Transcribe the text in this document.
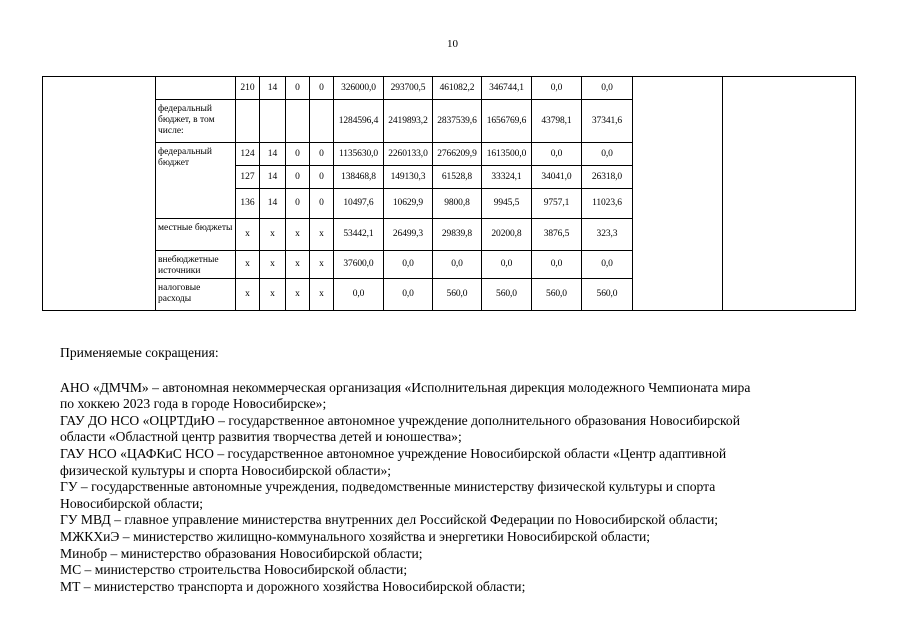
10
		210	14	0	0	326000,0	293700,5	461082,2	346744,1	0,0	0,0		
	федеральный бюджет, в том числе:					1284596,4	2419893,2	2837539,6	1656769,6	43798,1	37341,6		
	федеральный бюджет	124	14	0	0	1135630,0	2260133,0	2766209,9	1613500,0	0,0	0,0		
		127	14	0	0	138468,8	149130,3	61528,8	33324,1	34041,0	26318,0		
		136	14	0	0	10497,6	10629,9	9800,8	9945,5	9757,1	11023,6		
	местные бюджеты	х	х	х	х	53442,1	26499,3	29839,8	20200,8	3876,5	323,3		
	внебюджетные источники	х	х	х	х	37600,0	0,0	0,0	0,0	0,0	0,0		
	налоговые расходы	х	х	х	х	0,0	0,0	560,0	560,0	560,0	560,0		

Применяемые сокращения:

АНО «ДМЧМ» – автономная некоммерческая организация «Исполнительная дирекция молодежного Чемпионата мира

по хоккею 2023 года в городе Новосибирске»;

ГАУ ДО НСО «ОЦРТДиЮ – государственное автономное учреждение дополнительного образования Новосибирской

области «Областной центр развития творчества детей и юношества»;

ГАУ НСО «ЦАФКиС НСО – государственное автономное учреждение Новосибирской области «Центр адаптивной

физической культуры и спорта Новосибирской области»;

ГУ – государственные автономные учреждения, подведомственные министерству физической культуры и спорта

Новосибирской области;

ГУ МВД – главное управление министерства внутренних дел Российской Федерации по Новосибирской области;

МЖКХиЭ – министерство жилищно-коммунального хозяйства и энергетики Новосибирской области;

Минобр – министерство образования Новосибирской области;

МС – министерство строительства Новосибирской области;

МТ – министерство транспорта и дорожного хозяйства Новосибирской области;
